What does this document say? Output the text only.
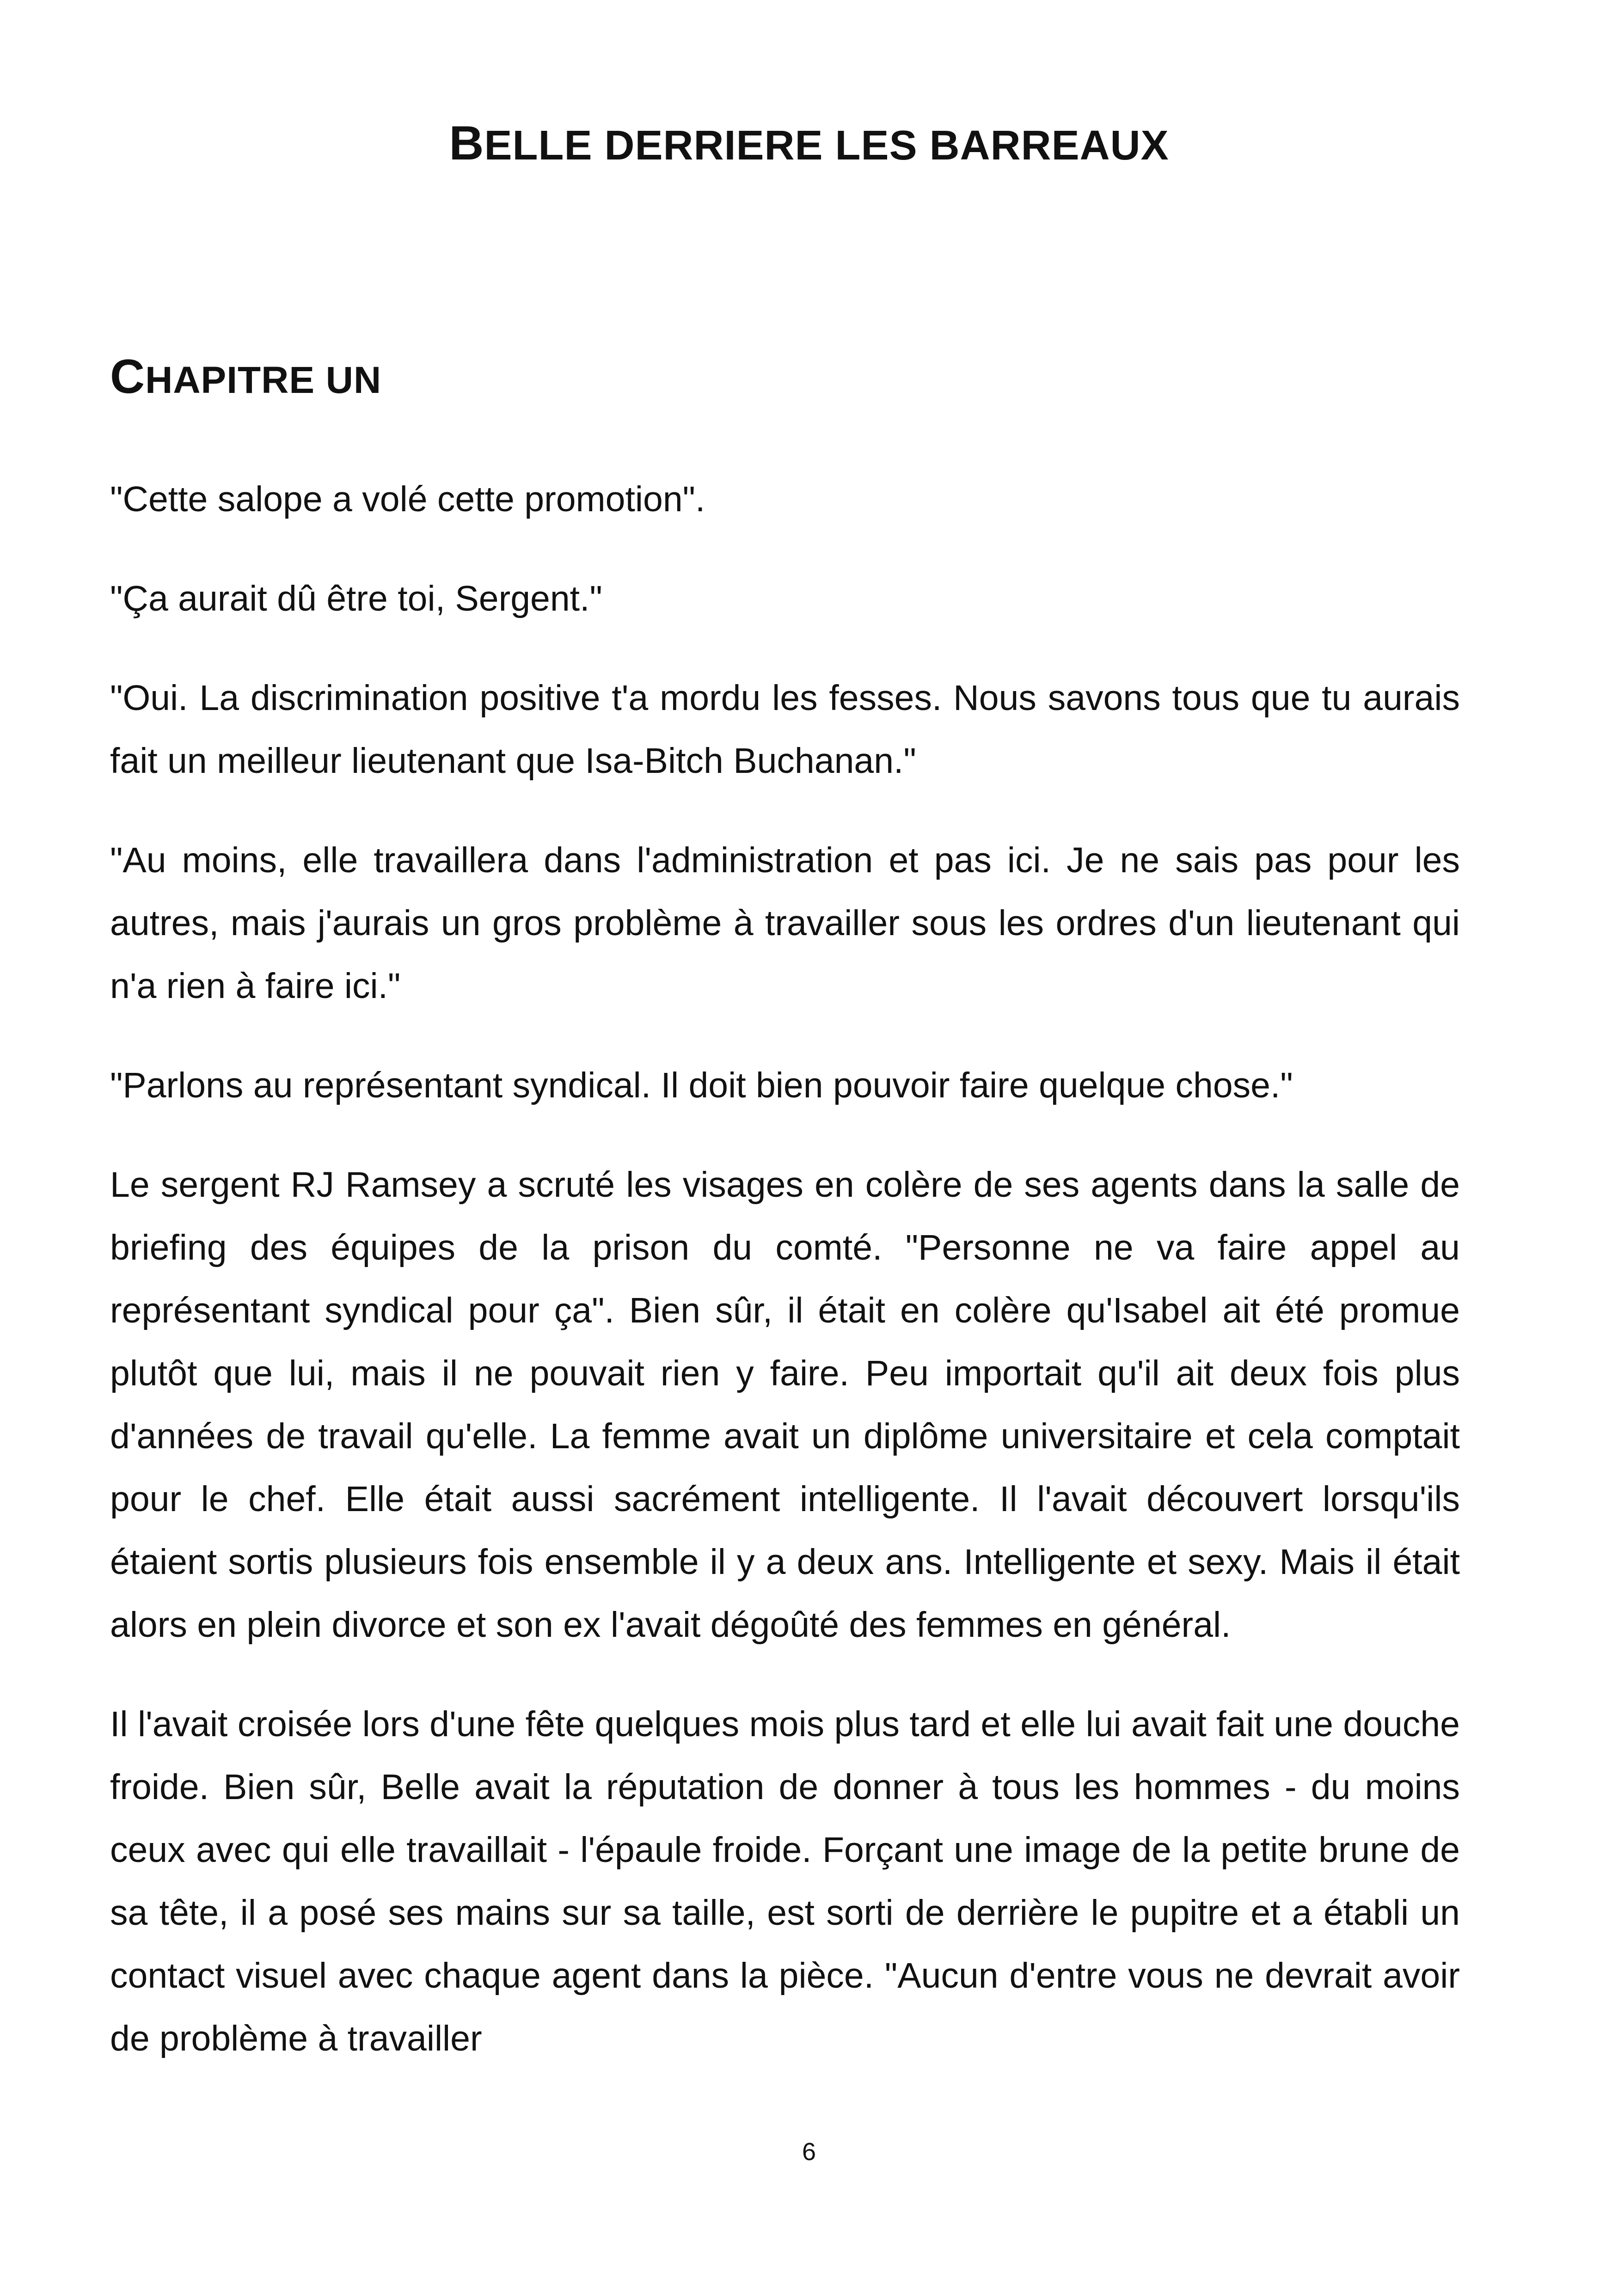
BELLE DERRIERE LES BARREAUX
CHAPITRE UN

"Cette salope a volé cette promotion".

"Ça aurait dû être toi, Sergent."

"Oui. La discrimination positive t'a mordu les fesses. Nous savons tous que tu aurais fait un meilleur lieutenant que Isa-Bitch Buchanan."

"Au moins, elle travaillera dans l'administration et pas ici. Je ne sais pas pour les autres, mais j'aurais un gros problème à travailler sous les ordres d'un lieutenant qui n'a rien à faire ici."

"Parlons au représentant syndical. Il doit bien pouvoir faire quelque chose."

Le sergent RJ Ramsey a scruté les visages en colère de ses agents dans la salle de briefing des équipes de la prison du comté. "Personne ne va faire appel au représentant syndical pour ça". Bien sûr, il était en colère qu'Isabel ait été promue plutôt que lui, mais il ne pouvait rien y faire. Peu importait qu'il ait deux fois plus d'années de travail qu'elle. La femme avait un diplôme universitaire et cela comptait pour le chef. Elle était aussi sacrément intelligente. Il l'avait découvert lorsqu'ils étaient sortis plusieurs fois ensemble il y a deux ans. Intelligente et sexy. Mais il était alors en plein divorce et son ex l'avait dégoûté des femmes en général.

Il l'avait croisée lors d'une fête quelques mois plus tard et elle lui avait fait une douche froide. Bien sûr, Belle avait la réputation de donner à tous les hommes - du moins ceux avec qui elle travaillait - l'épaule froide. Forçant une image de la petite brune de sa tête, il a posé ses mains sur sa taille, est sorti de derrière le pupitre et a établi un contact visuel avec chaque agent dans la pièce. "Aucun d'entre vous ne devrait avoir de problème à travailler

6
